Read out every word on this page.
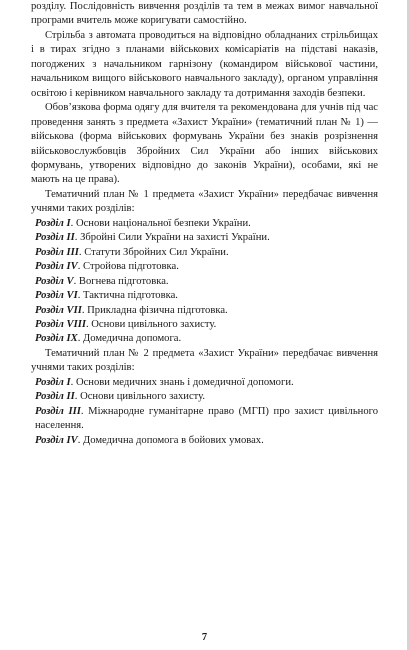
розділу. Послідовність вивчення розділів та тем в межах вимог навчальної програми вчитель може коригувати самостійно.

Стрільба з автомата проводиться на відповідно обладнаних стрільбищах і в тирах згідно з планами військових комісаріатів на підставі наказів, погоджених з начальником гарнізону (командиром військової частини, начальником вищого військового навчального закладу), органом управління освітою і керівником навчального закладу та дотримання заходів безпеки.

Обов’язкова форма одягу для вчителя та рекомендована для учнів під час проведення занять з предмета «Захист України» (тематичний план № 1) — військова (форма військових формувань України без знаків розрізнення військовослужбовців Збройних Сил України або інших військових формувань, утворених відповідно до законів України), особами, які не мають на це права).

Тематичний план № 1 предмета «Захист України» передбачає вивчення учнями таких розділів:

Розділ I. Основи національної безпеки України.

Розділ II. Збройні Сили України на захисті України.

Розділ III. Статути Збройних Сил України.

Розділ IV. Стройова підготовка.

Розділ V. Вогнева підготовка.

Розділ VI. Тактична підготовка.

Розділ VII. Прикладна фізична підготовка.

Розділ VIII. Основи цивільного захисту.

Розділ IX. Домедична допомога.

Тематичний план № 2 предмета «Захист України» передбачає вивчення учнями таких розділів:

Розділ I. Основи медичних знань і домедичної допомоги.

Розділ II. Основи цивільного захисту.

Розділ III. Міжнародне гуманітарне право (МГП) про захист цивільного населення.

Розділ IV. Домедична допомога в бойових умовах.

7
